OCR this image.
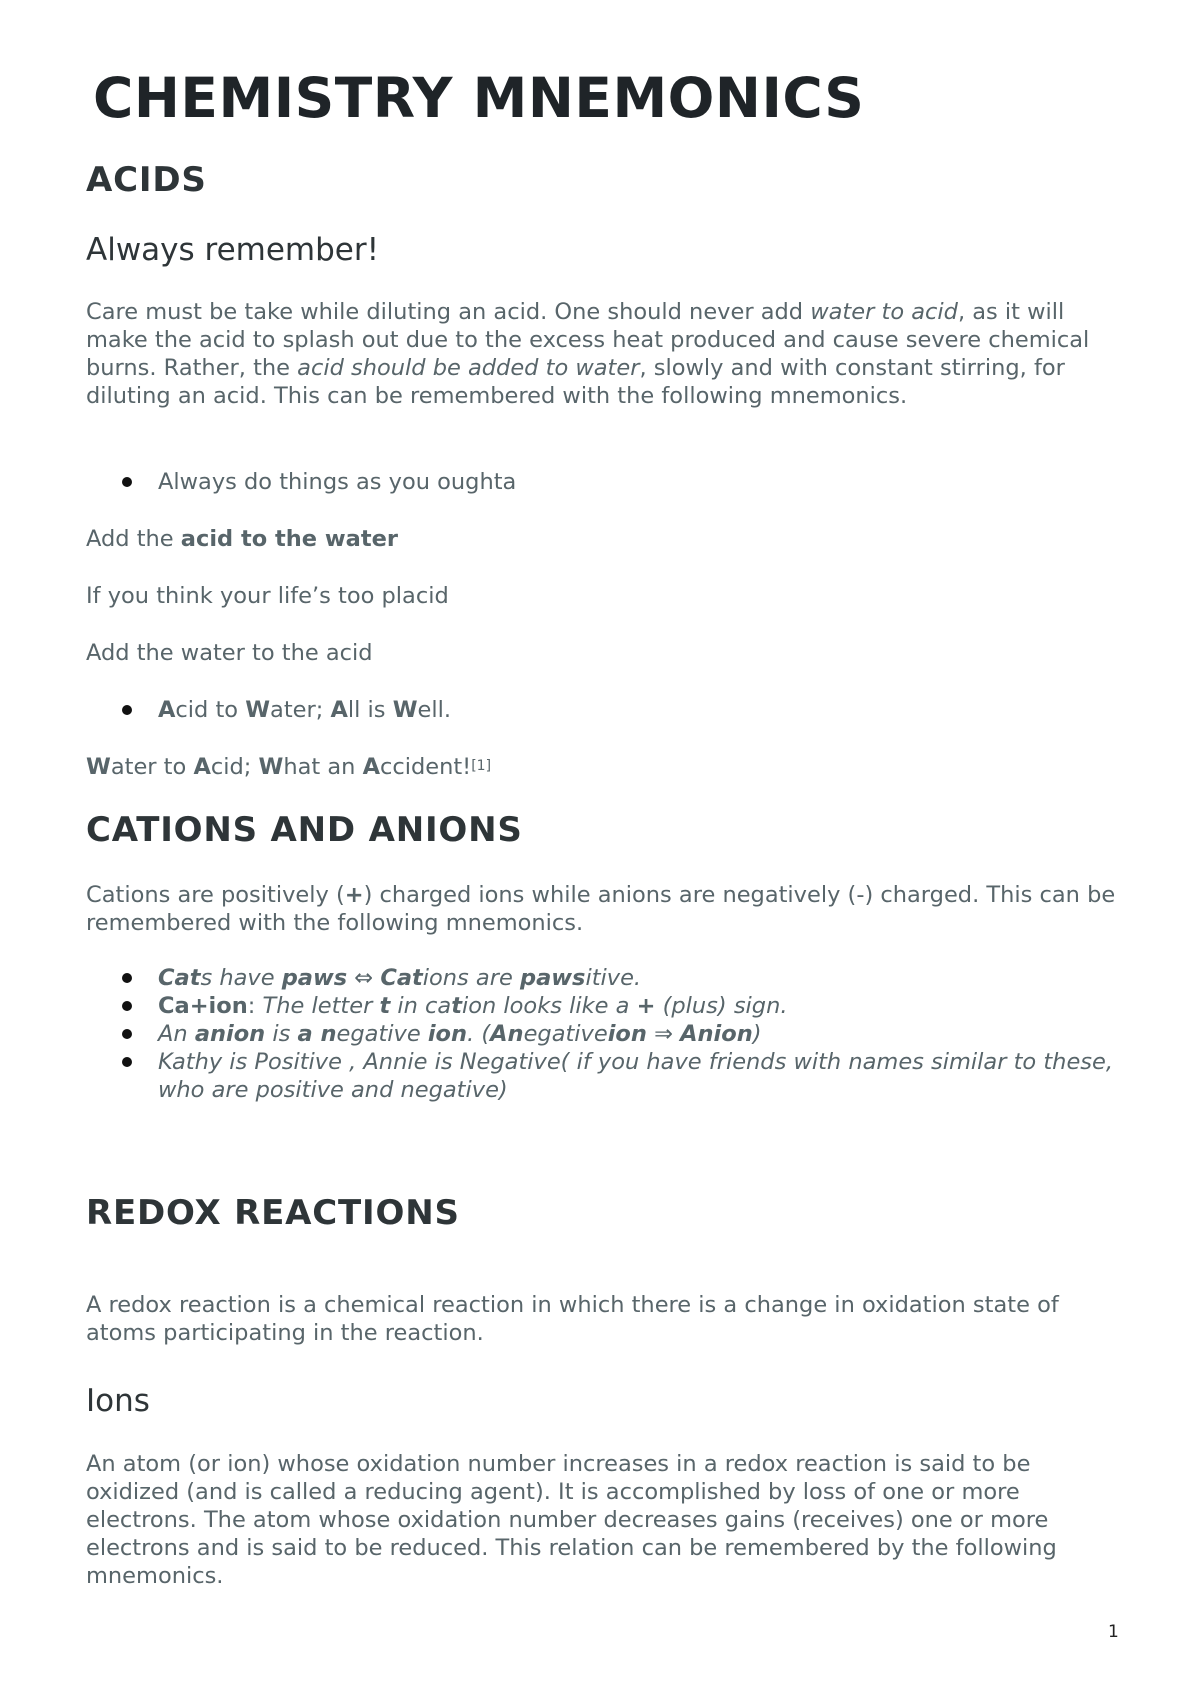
CHEMISTRY MNEMONICS
ACIDS
Always remember!
Care must be take while diluting an acid. One should never add water to acid, as it will make the acid to splash out due to the excess heat produced and cause severe chemical burns. Rather, the acid should be added to water, slowly and with constant stirring, for diluting an acid. This can be remembered with the following mnemonics.
Always do things as you oughta
Add the acid to the water
If you think your life’s too placid
Add the water to the acid
Acid to Water; All is Well.
Water to Acid; What an Accident![1]
CATIONS AND ANIONS
Cations are positively (+) charged ions while anions are negatively (-) charged. This can be remembered with the following mnemonics.
Cats have paws ⇔ Cations are pawsitive.
Ca+ion: The letter t in cation looks like a + (plus) sign.
An anion is a negative ion. (Anegativeion ⇒ Anion)
Kathy is Positive , Annie is Negative( if you have friends with names similar to these, who are positive and negative)
REDOX REACTIONS
A redox reaction is a chemical reaction in which there is a change in oxidation state of atoms participating in the reaction.
Ions
An atom (or ion) whose oxidation number increases in a redox reaction is said to be oxidized (and is called a reducing agent). It is accomplished by loss of one or more electrons. The atom whose oxidation number decreases gains (receives) one or more electrons and is said to be reduced. This relation can be remembered by the following mnemonics.
1
